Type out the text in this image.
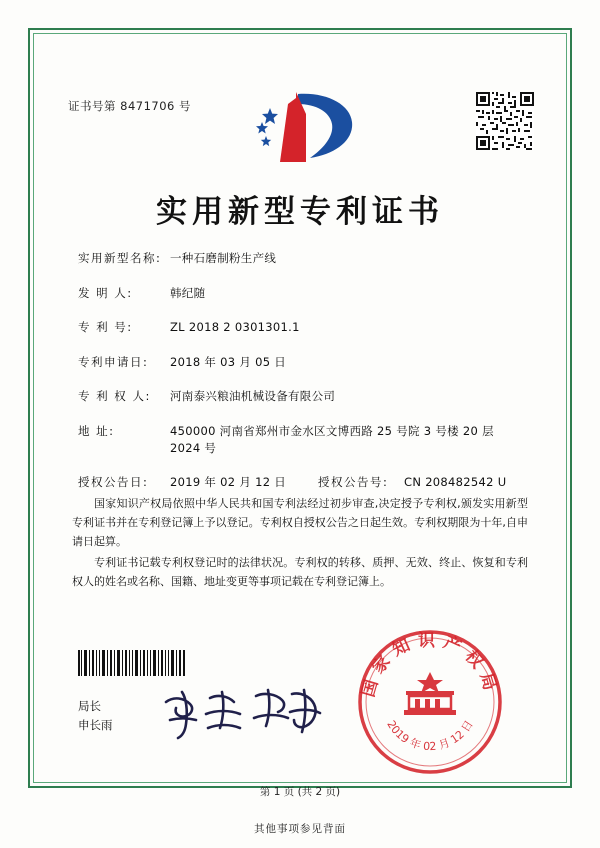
证书号第 8471706 号
实用新型专利证书
实用新型名称: 一种石磨制粉生产线
发 明 人:	韩纪随
专 利 号:	ZL 2018 2 0301301.1
专利申请日:	2018 年 03 月 05 日
专 利 权 人:	河南泰兴粮油机械设备有限公司
地 址:	450000 河南省郑州市金水区文博西路 25 号院 3 号楼 20 层 2024 号
授权公告日:	2019 年 02 月 12 日	授权公告号:	CN 208482542 U

国家知识产权局依照中华人民共和国专利法经过初步审查,决定授予专利权,颁发实用新型专利证书并在专利登记簿上予以登记。专利权自授权公告之日起生效。专利权期限为十年,自申请日起算。

专利证书记载专利权登记时的法律状况。专利权的转移、质押、无效、终止、恢复和专利权人的姓名或名称、国籍、地址变更等事项记载在专利登记簿上。

局长
申长雨
国家知识产权局
2019 年 02 月 12 日
第 1 页 (共 2 页)
其他事项参见背面
